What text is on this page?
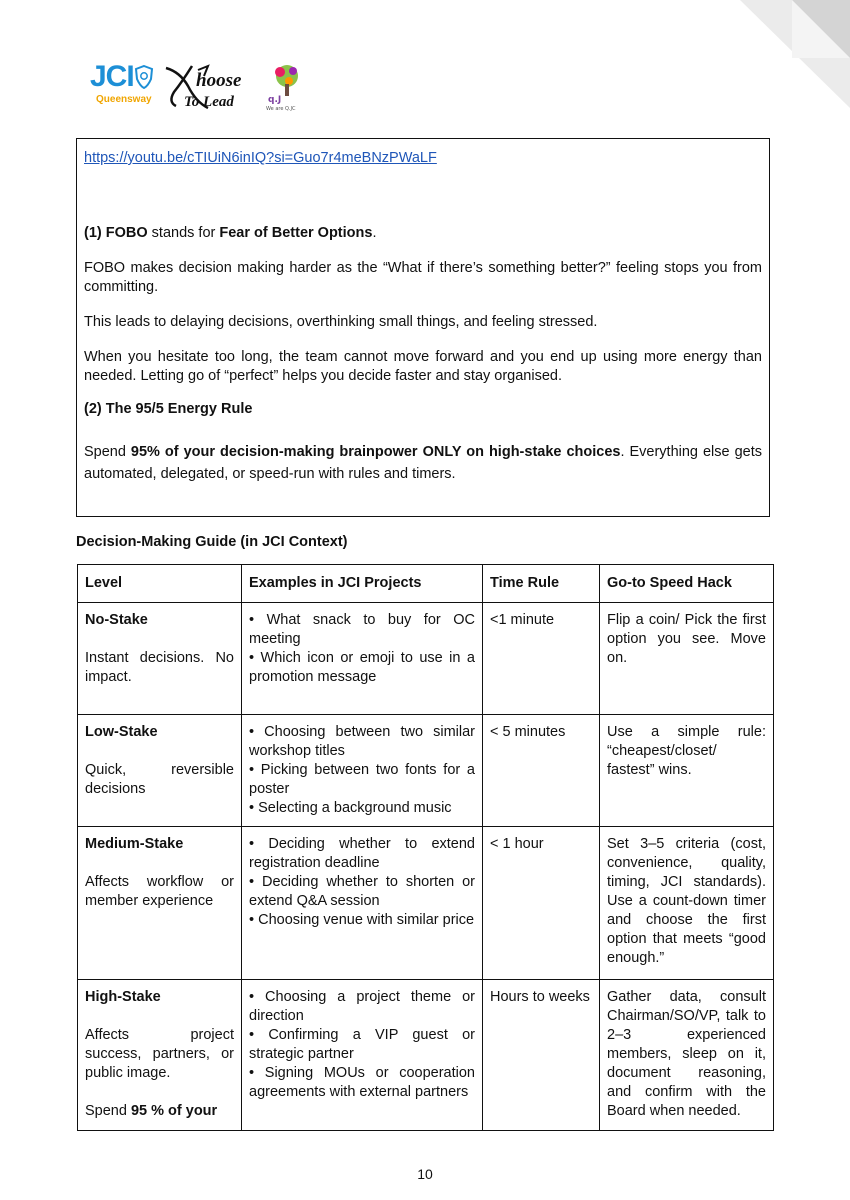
JCI
Queensway
hoose
To Lead	q.J
We are Q.JC

https://youtu.be/cTIUiN6inIQ?si=Guo7r4meBNzPWaLF

(1) FOBO stands for Fear of Better Options.

FOBO makes decision making harder as the “What if there’s something better?” feeling stops you from committing.

This leads to delaying decisions, overthinking small things, and feeling stressed.

When you hesitate too long, the team cannot move forward and you end up using more energy than needed. Letting go of “perfect” helps you decide faster and stay organised.

(2) The 95/5 Energy Rule

Spend 95% of your decision-making brainpower ONLY on high-stake choices. Everything else gets automated, delegated, or speed-run with rules and timers.

Decision-Making Guide (in JCI Context)
Level	Examples in JCI Projects	Time Rule	Go-to Speed Hack

No-Stake
Instant decisions. No impact.	• What snack to buy for OC meeting
• Which icon or emoji to use in a promotion message	<1 minute	Flip a coin/ Pick the first option you see. Move on.

Low-Stake
Quick, reversible decisions	• Choosing between two similar workshop titles
• Picking between two fonts for a poster
• Selecting a background music	< 5 minutes	Use a simple rule: “cheapest/closet/ fastest” wins.

Medium-Stake
Affects workflow or member experience	• Deciding whether to extend registration deadline
• Deciding whether to shorten or extend Q&A session
• Choosing venue with similar price	< 1 hour	Set 3–5 criteria (cost, convenience, quality, timing, JCI standards). Use a count-down timer and choose the first option that meets “good enough.”

High-Stake
Affects project success, partners, or public image.
Spend 95 % of your	• Choosing a project theme or direction
• Confirming a VIP guest or strategic partner
• Signing MOUs or cooperation agreements with external partners	Hours to weeks	Gather data, consult Chairman/SO/VP, talk to 2–3 experienced members, sleep on it, document reasoning, and confirm with the Board when needed.
10
